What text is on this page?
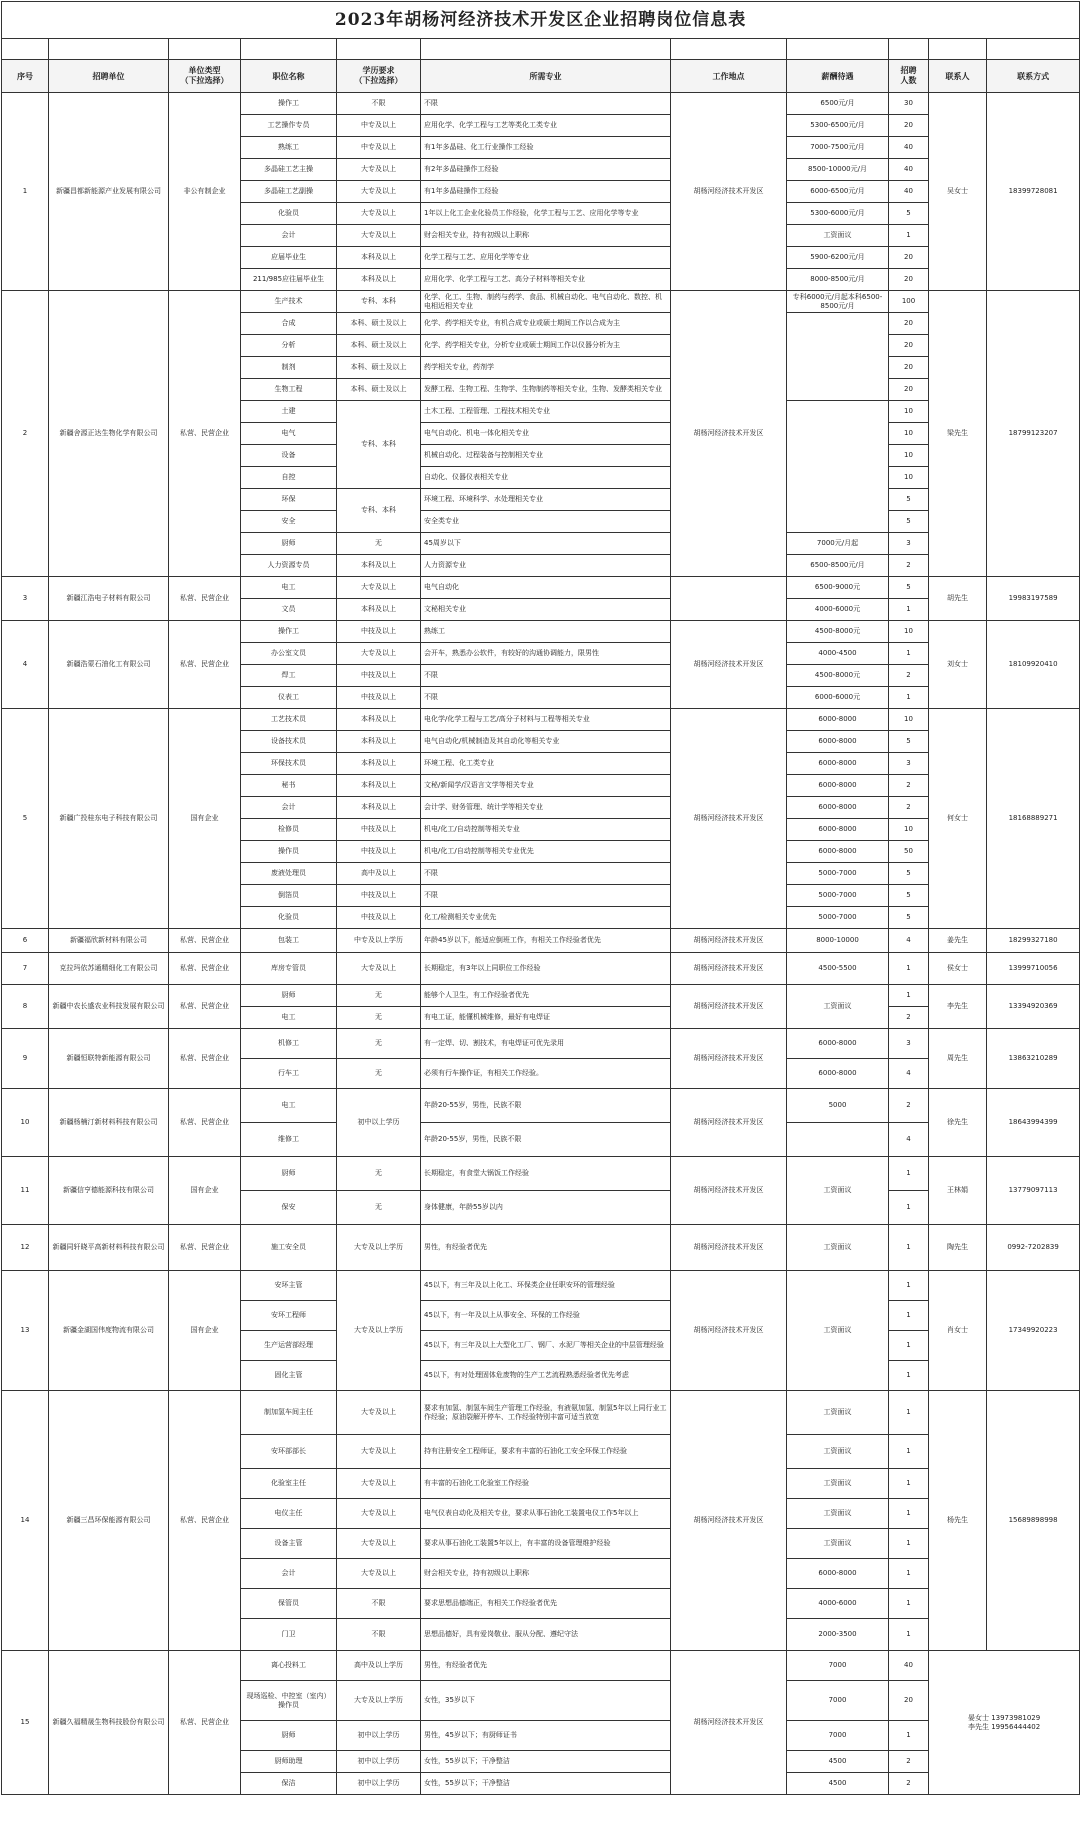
2023年胡杨河经济技术开发区企业招聘岗位信息表										

序号	招聘单位	单位类型
（下拉选择）	职位名称	学历要求
（下拉选择）	所需专业	工作地点	薪酬待遇	招聘
人数	联系人	联系方式
1	新疆昌都新能源产业发展有限公司	非公有制企业	操作工	不限	不限	胡杨河经济技术开发区	6500元/月	30	吴女士	18399728081
			工艺操作专员	中专及以上	应用化学、化学工程与工艺等类化工类专业		5300-6500元/月	20		
			熟练工	中专及以上	有1年多晶硅、化工行业操作工经验		7000-7500元/月	40		
			多晶硅工艺主操	大专及以上	有2年多晶硅操作工经验		8500-10000元/月	40		
			多晶硅工艺副操	大专及以上	有1年多晶硅操作工经验		6000-6500元/月	40		
			化验员	大专及以上	1年以上化工企业化验员工作经验，化学工程与工艺、应用化学等专业		5300-6000元/月	5		
			会计	大专及以上	财会相关专业，持有初级以上职称		工资面议	1		
			应届毕业生	本科及以上	化学工程与工艺、应用化学等专业		5900-6200元/月	20		
			211/985应往届毕业生	本科及以上	应用化学、化学工程与工艺、高分子材料等相关专业		8000-8500元/月	20		
2	新疆舍源正达生物化学有限公司	私营、民营企业	生产技术	专科、本科	化学、化工、生物、制药与药学、食品、机械自动化、电气自动化、数控、机电相近相关专业	胡杨河经济技术开发区	专科6000元/月起本科6500-8500元/月	100	梁先生	18799123207
			合成	本科、硕士及以上	化学、药学相关专业，有机合成专业或硕士期间工作以合成为主			20		
			分析	本科、硕士及以上	化学、药学相关专业，分析专业或硕士期间工作以仪器分析为主			20		
			制剂	本科、硕士及以上	药学相关专业，药剂学			20		
			生物工程	本科、硕士及以上	发酵工程、生物工程、生物学、生物制药等相关专业，生物、发酵类相关专业			20		
			土建	专科、本科	土木工程、工程管理、工程技术相关专业			10		
			电气		电气自动化、机电一体化相关专业			10		
			设备		机械自动化、过程装备与控制相关专业			10		
			自控		自动化、仪器仪表相关专业			10		
			环保	专科、本科	环境工程、环境科学、水处理相关专业			5		
			安全		安全类专业			5		
			厨师	无	45周岁以下		7000元/月起	3		
			人力资源专员	本科及以上	人力资源专业		6500-8500元/月	2		
3	新疆江浩电子材料有限公司	私营、民营企业	电工	大专及以上	电气自动化		6500-9000元	5	胡先生	19983197589
			文员	本科及以上	文秘相关专业		4000-6000元	1		
4	新疆浩蒙石油化工有限公司	私营、民营企业	操作工	中技及以上	熟练工	胡杨河经济技术开发区	4500-8000元	10	刘女士	18109920410
			办公室文员	大专及以上	会开车，熟悉办公软件，有较好的沟通协调能力，限男性		4000-4500	1		
			焊工	中技及以上	不限		4500-8000元	2		
			仪表工	中技及以上	不限		6000-6000元	1		
5	新疆广投桂东电子科技有限公司	国有企业	工艺技术员	本科及以上	电化学/化学工程与工艺/高分子材料与工程等相关专业	胡杨河经济技术开发区	6000-8000	10	何女士	18168889271
			设备技术员	本科及以上	电气自动化/机械制造及其自动化等相关专业		6000-8000	5		
			环保技术员	本科及以上	环境工程、化工类专业		6000-8000	3		
			秘书	本科及以上	文秘/新闻学/汉语言文学等相关专业		6000-8000	2		
			会计	本科及以上	会计学、财务管理、统计学等相关专业		6000-8000	2		
			检修员	中技及以上	机电/化工/自动控制等相关专业		6000-8000	10		
			操作员	中技及以上	机电/化工/自动控制等相关专业优先		6000-8000	50		
			废液处理员	高中及以上	不限		5000-7000	5		
			倒箔员	中技及以上	不限		5000-7000	5		
			化验员	中技及以上	化工/检测相关专业优先		5000-7000	5		
6	新疆福欣新材料有限公司	私营、民营企业	包装工	中专及以上学历	年龄45岁以下，能适应倒班工作，有相关工作经验者优先	胡杨河经济技术开发区	8000-10000	4	姜先生	18299327180
7	克拉玛依苏通精细化工有限公司	私营、民营企业	库房专管员	大专及以上	长期稳定，有3年以上同职位工作经验	胡杨河经济技术开发区	4500-5500	1	侯女士	13999710056
8	新疆中农长盛农业科技发展有限公司	私营、民营企业	厨师	无	能够个人卫生，有工作经验者优先	胡杨河经济技术开发区	工资面议	1	李先生	13394920369
			电工	无	有电工证，能懂机械维修，最好有电焊证			2		
9	新疆恒联特新能源有限公司	私营、民营企业	机修工	无	有一定焊、切、割技术，有电焊证可优先录用	胡杨河经济技术开发区	6000-8000	3	周先生	13863210289
			行车工	无	必须有行车操作证，有相关工作经验。		6000-8000	4		
10	新疆杨楠汀新材料科技有限公司	私营、民营企业	电工	初中以上学历	年龄20-55岁，男性，民族不限	胡杨河经济技术开发区	5000	2	徐先生	18643994399
			维修工		年龄20-55岁，男性，民族不限			4		
11	新疆信亨德能源科技有限公司	国有企业	厨师	无	长期稳定，有食堂大锅饭工作经验	胡杨河经济技术开发区	工资面议	1	王林娟	13779097113
			保安	无	身体健康，年龄55岁以内			1		
12	新疆同轩晓平高新材料科技有限公司	私营、民营企业	施工安全员	大专及以上学历	男性，有经验者优先	胡杨河经济技术开发区	工资面议	1	陶先生	0992-7202839
13	新疆金湖国伟度物流有限公司	国有企业	安环主管	大专及以上学历	45以下，有三年及以上化工、环保类企业任职安环的管理经验	胡杨河经济技术开发区	工资面议	1	肖女士	17349920223
			安环工程师		45以下，有一年及以上从事安全、环保的工作经验			1		
			生产运营部经理		45以下，有三年及以上大型化工厂、钢厂、水泥厂等相关企业的中层管理经验			1		
			固化主管		45以下，有对处理固体危废物的生产工艺流程熟悉经验者优先考虑			1		
14	新疆三昌环保能源有限公司	私营、民营企业	制加氢车间主任	大专及以上	要求有加氢、制氢车间生产管理工作经验，有液氨加氢、制氢5年以上同行业工作经验；原油裂解开停车、工作经验特别丰富可适当放宽	胡杨河经济技术开发区	工资面议	1	杨先生	15689898998
			安环部部长	大专及以上	持有注册安全工程师证，要求有丰富的石油化工安全环保工作经验		工资面议	1		
			化验室主任	大专及以上	有丰富的石油化工化验室工作经验		工资面议	1		
			电仪主任	大专及以上	电气仪表自动化及相关专业，要求从事石油化工装置电仪工作5年以上		工资面议	1		
			设备主管	大专及以上	要求从事石油化工装置5年以上，有丰富的设备管理维护经验		工资面议	1		
			会计	大专及以上	财会相关专业，持有初级以上职称		6000-8000	1		
			保管员	不限	要求思想品德端正，有相关工作经验者优先		4000-6000	1		
			门卫	不限	思想品德好，具有爱岗敬业、服从分配、遵纪守法		2000-3500	1		
15	新疆久福精晟生物科技股份有限公司	私营、民营企业	离心投料工	高中及以上学历	男性，有经验者优先	胡杨河经济技术开发区	7000	40	晏女士 13973981029
李先生 19956444402	
			现场巡检、中控室（室内）操作员	大专及以上学历	女性，35岁以下		7000	20		
			厨师	初中以上学历	男性，45岁以下；有厨师证书		7000	1		
			厨师助理	初中以上学历	女性，55岁以下；干净整洁		4500	2		
			保洁	初中以上学历	女性，55岁以下；干净整洁		4500	2		
